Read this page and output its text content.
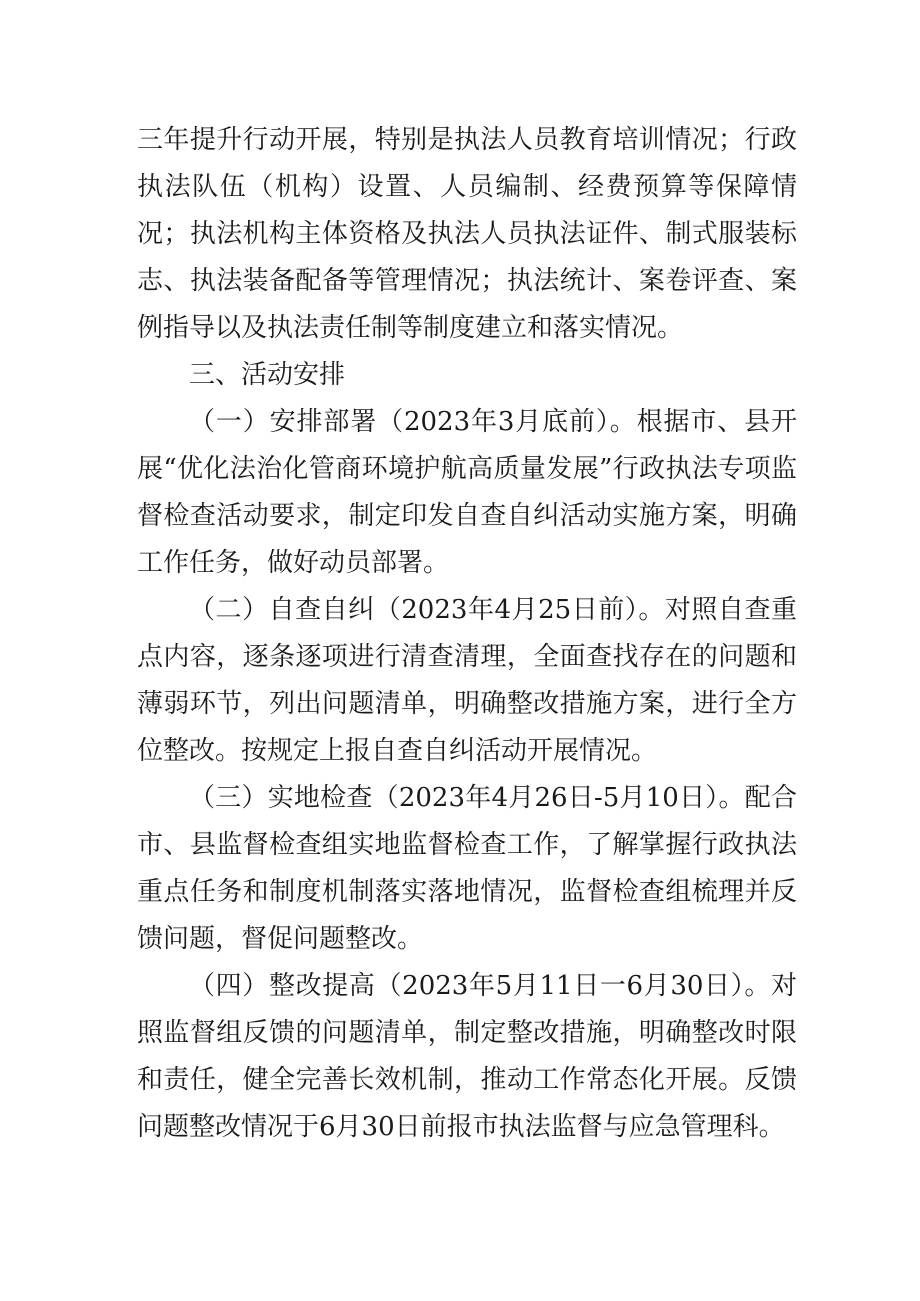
三年提升行动开展，特别是执法人员教育培训情况；行政执法队伍（机构）设置、人员编制、经费预算等保障情况；执法机构主体资格及执法人员执法证件、制式服装标志、执法装备配备等管理情况；执法统计、案卷评查、案例指导以及执法责任制等制度建立和落实情况。

三、活动安排

（一）安排部署（2023年3月底前）。根据市、县开展“优化法治化管商环境护航高质量发展”行政执法专项监督检查活动要求，制定印发自查自纠活动实施方案，明确工作任务，做好动员部署。

（二）自查自纠（2023年4月25日前）。对照自查重点内容，逐条逐项进行清查清理，全面查找存在的问题和薄弱环节，列出问题清单，明确整改措施方案，进行全方位整改。按规定上报自查自纠活动开展情况。

（三）实地检查（2023年4月26日-5月10日）。配合市、县监督检查组实地监督检查工作，了解掌握行政执法重点任务和制度机制落实落地情况，监督检查组梳理并反馈问题，督促问题整改。

（四）整改提高（2023年5月11日一6月30日）。对照监督组反馈的问题清单，制定整改措施，明确整改时限和责任，健全完善长效机制，推动工作常态化开展。反馈问题整改情况于6月30日前报市执法监督与应急管理科。
